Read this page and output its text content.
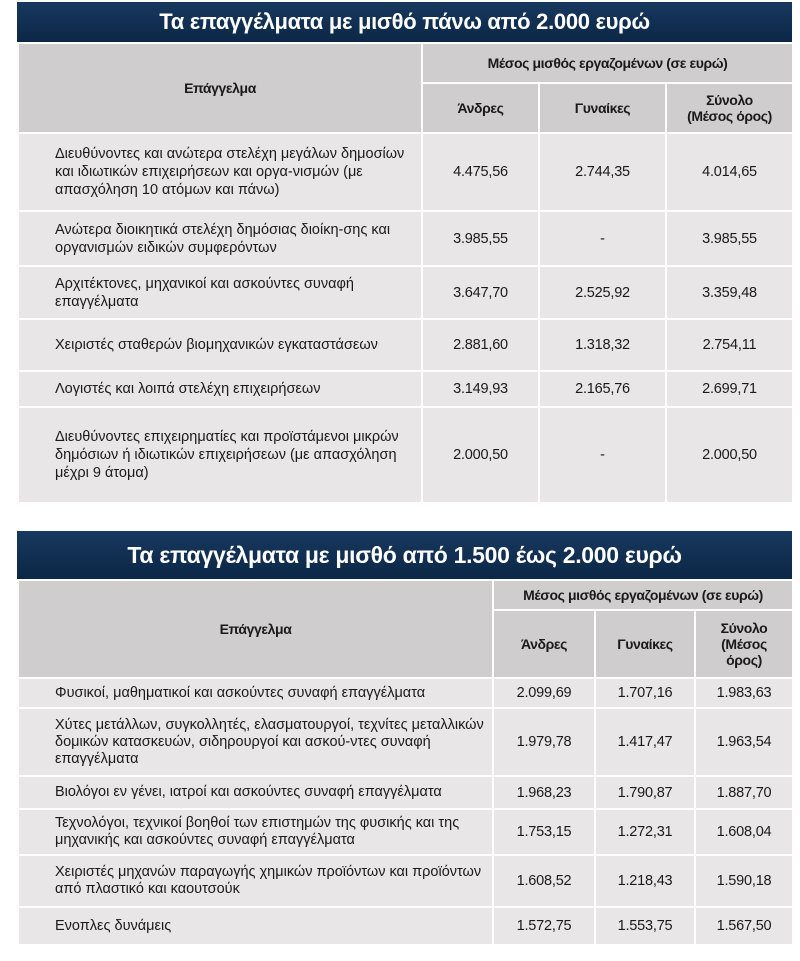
Τα επαγγέλματα με μισθό πάνω από 2.000 ευρώ
Επάγγελμα	Μέσος μισθός εργαζομένων (σε ευρώ)		
	Άνδρες	Γυναίκες	Σύνολο (Μέσος όρος)
Διευθύνοντες και ανώτερα στελέχη μεγάλων δημοσίων και ιδιωτικών επιχειρήσεων και οργα-νισμών (με απασχόληση 10 ατόμων και πάνω)	4.475,56	2.744,35	4.014,65
Ανώτερα διοικητικά στελέχη δημόσιας διοίκη-σης και οργανισμών ειδικών συμφερόντων	3.985,55	-	3.985,55
Αρχιτέκτονες, μηχανικοί και ασκούντες συναφή επαγγέλματα	3.647,70	2.525,92	3.359,48
Χειριστές σταθερών βιομηχανικών εγκαταστάσεων	2.881,60	1.318,32	2.754,11
Λογιστές και λοιπά στελέχη επιχειρήσεων	3.149,93	2.165,76	2.699,71
Διευθύνοντες επιχειρηματίες και προϊστάμενοι μικρών δημόσιων ή ιδιωτικών επιχειρήσεων (με απασχόληση μέχρι 9 άτομα)	2.000,50	-	2.000,50
Τα επαγγέλματα με μισθό από 1.500 έως 2.000 ευρώ
Επάγγελμα	Μέσος μισθός εργαζομένων (σε ευρώ)		
	Άνδρες	Γυναίκες	Σύνολο (Μέσος όρος)
Φυσικοί, μαθηματικοί και ασκούντες συναφή επαγγέλματα	2.099,69	1.707,16	1.983,63
Χύτες μετάλλων, συγκολλητές, ελασματουργοί, τεχνίτες μεταλλικών δομικών κατασκευών, σιδηρουργοί και ασκού-ντες συναφή επαγγέλματα	1.979,78	1.417,47	1.963,54
Βιολόγοι εν γένει, ιατροί και ασκούντες συναφή επαγγέλματα	1.968,23	1.790,87	1.887,70
Τεχνολόγοι, τεχνικοί βοηθοί των επιστημών της φυσικής και της μηχανικής και ασκούντες συναφή επαγγέλματα	1.753,15	1.272,31	1.608,04
Χειριστές μηχανών παραγωγής χημικών προϊόντων και προϊόντων από πλαστικό και καουτσούκ	1.608,52	1.218,43	1.590,18
Ενοπλες δυνάμεις	1.572,75	1.553,75	1.567,50
